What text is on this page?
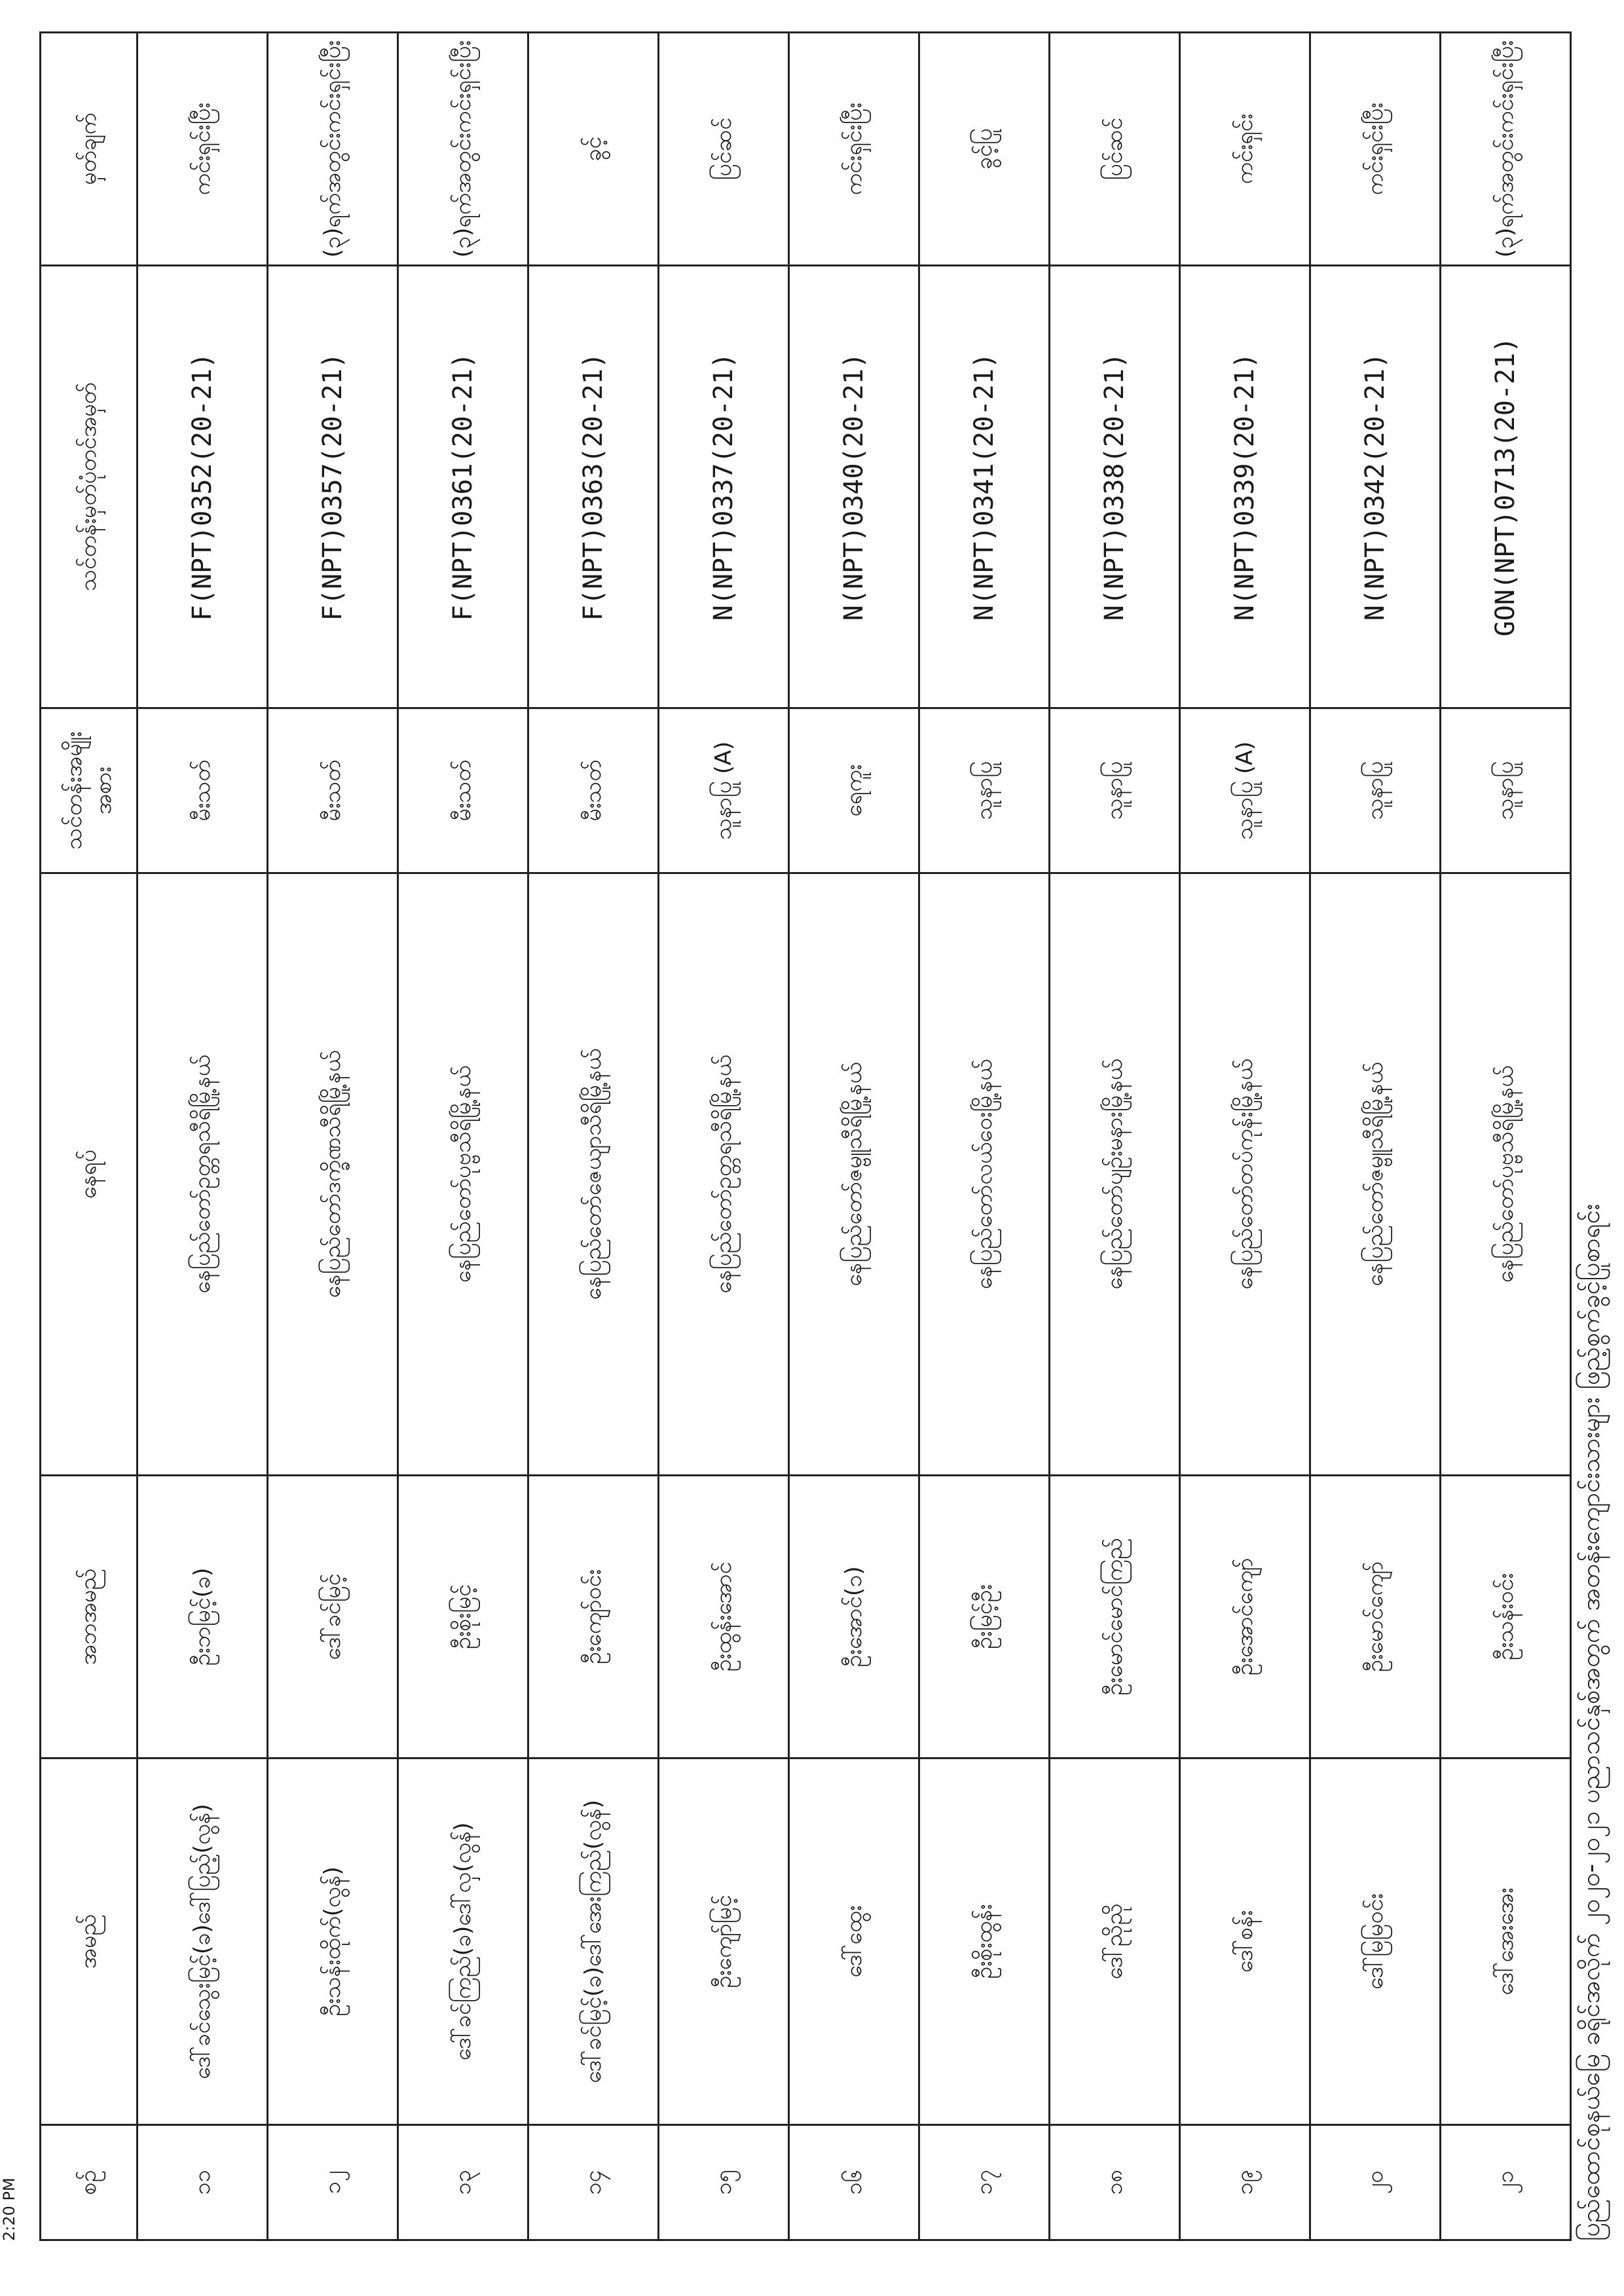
2:20 PM	စဉ်	အမည်	အဘအမည်	နေရပ်	သင်တန်းအမျိုးအစား	သင်တန်းမှတ်ပုံတင်အမှတ်	မှတ်ချက်
၁၁	ဒေါ်ခင်သွေးမြင့်(ခ)ဒေါ်ပြည့်(လွန်)	ဦးဘမြင့်(ခ)	နေပြည်တော်ဥတ္တရသီရိမြို့နယ်	မီးသတ်	F(NPT)0352(20-21)	ကင်းရှင်းပြီး
၁၂	ဦးသန်းထိုက်(လွန်)	ဒေါ်ခင်မြင့်	နေပြည်တော်ဒက္ခိဏသီရိမြို့နယ်	မီးသတ်	F(NPT)0357(20-21)	(၃)ရက်အတွင်းကင်းရှင်းပြီး
၁၃	ဒေါ်ခင်ကြည်(ခ)ဒေါ်လှ(လွန်)	ဦးစိုးမြင့်	နေပြည်တော်ပုဗ္ဗသီရိမြို့နယ်	မီးသတ်	F(NPT)0361(20-21)	(၃)ရက်အတွင်းကင်းရှင်းပြီး
၁၄	ဒေါ်ခင်မြင့်(ခ)ဒေါ်အေးကြည်(လွန်)	ဦးကျော်ဝင်း	နေပြည်တော်ဇေယျာသီရိမြို့နယ်	မီးသတ်	F(NPT)0363(20-21)	ခွင့်
၁၅	ဦးကျော်မြင့်	ဦးထွန်းအောင်	နေပြည်တော်ဥတ္တရသီရိမြို့နယ်	သူနာပြု (A)	N(NPT)0337(20-21)	ပြင်ဆင်
၁၆	ဒေါ်ထွေး	ဦးအောင်(၁)	နေပြည်တော်ဇမ္ဗူသီရိမြို့နယ်	ရေကူး	N(NPT)0340(20-21)	ကင်းရှင်းပြီး
၁၇	ဦးစိုးထွန်း	ဦးမြင့်ဦး	နေပြည်တော်လယ်ဝေးမြို့နယ်	သူနာပြု	N(NPT)0341(20-21)	ခွင့်ပြု
၁၈	ဒေါ်ညိုညို	ဦးမောင်မောင်ကြည်	နေပြည်တော်ပျဉ်းမနားမြို့နယ်	သူနာပြု	N(NPT)0338(20-21)	ပြင်ဆင်
၁၉	ဒေါ်စန်း	ဦးအောင်ကျော်	နေပြည်တော်တပ်ကုန်းမြို့နယ်	သူနာပြု (A)	N(NPT)0339(20-21)	ကင်းရှင်း
၂၀	ဒေါ်မြမြဝင်း	ဦးမောင်ကျော်	နေပြည်တော်ဇမ္ဗူသီရိမြို့နယ်	သူနာပြု	N(NPT)0342(20-21)	ကင်းရှင်းပြီး
၂၁	ဒေါ်အေးအေး	ဦးသန်းဝင်း	နေပြည်တော်ပုဗ္ဗသီရိမြို့နယ်	သူနာပြု	GON(NPT)0713(20-21)	(၃)ရက်အတွင်းကင်းရှင်းပြီး
ပြည်ထောင်စုနယ်မြေ ခရိုင်အလိုက် ၂၀၂၀-၂၀၂၁ ပညာသင်နှစ်အတွက် အတန်းကျောင်းသားများ ဖြည့်စွက်ခွင့်ပြုစာရင်း
